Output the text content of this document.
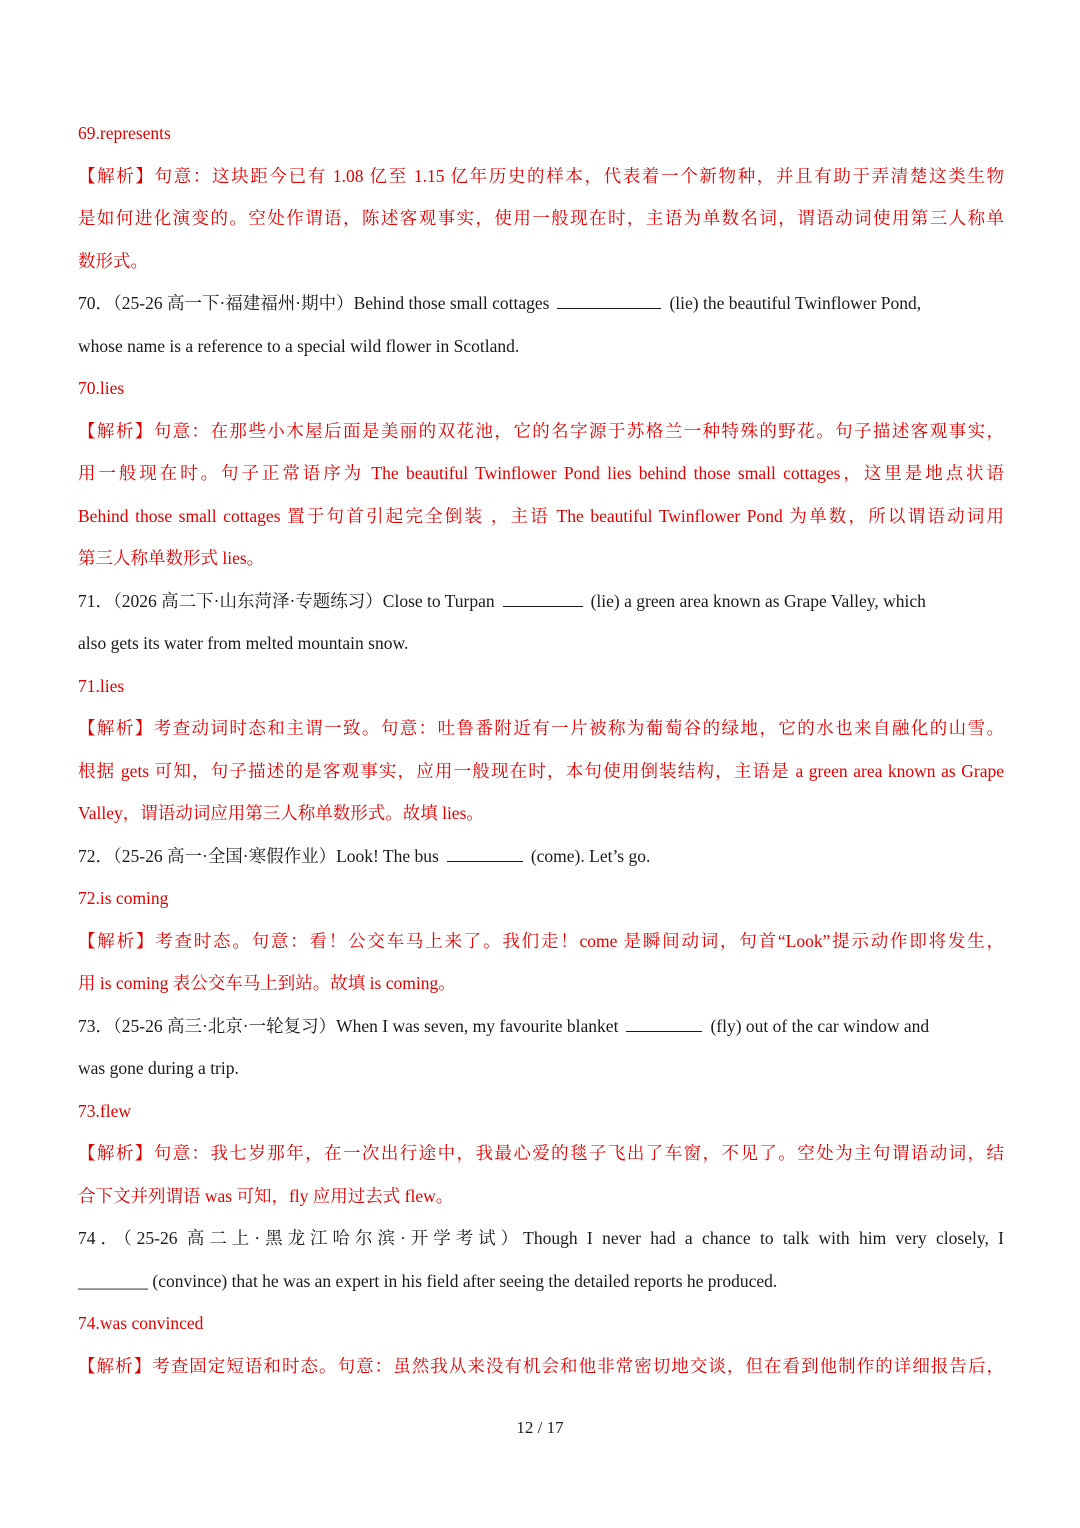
69.represents
【解析】句意：这块距今已有 1.08 亿至 1.15 亿年历史的样本，代表着一个新物种，并且有助于弄清楚这类生物
是如何进化演变的。空处作谓语，陈述客观事实，使用一般现在时，主语为单数名词，谓语动词使用第三人称单
数形式。
70．（25-26 高一下·福建福州·期中）Behind those small cottages	(lie) the beautiful Twinflower Pond,
whose name is a reference to a special wild flower in Scotland.
70.lies
【解析】句意：在那些小木屋后面是美丽的双花池，它的名字源于苏格兰一种特殊的野花。句子描述客观事实，
用一般现在时。句子正常语序为 The beautiful Twinflower Pond lies behind those small cottages，这里是地点状语
Behind those small cottages 置于句首引起完全倒装 ，主语 The beautiful Twinflower Pond 为单数，所以谓语动词用
第三人称单数形式 lies。
71．（2026 高二下·山东菏泽·专题练习）Close to Turpan	(lie) a green area known as Grape Valley, which
also gets its water from melted mountain snow.
71.lies
【解析】考查动词时态和主谓一致。句意：吐鲁番附近有一片被称为葡萄谷的绿地，它的水也来自融化的山雪。
根据 gets 可知，句子描述的是客观事实，应用一般现在时，本句使用倒装结构，主语是 a green area known as Grape
Valley，谓语动词应用第三人称单数形式。故填 lies。
72．（25-26 高一·全国·寒假作业）Look! The bus	(come). Let’s go.
72.is coming
【解析】考查时态。句意：看！公交车马上来了。我们走！come 是瞬间动词，句首“Look”提示动作即将发生，
用 is coming 表公交车马上到站。故填 is coming。
73．（25-26 高三·北京·一轮复习）When I was seven, my favourite blanket	(fly) out of the car window and
was gone during a trip.
73.flew
【解析】句意：我七岁那年，在一次出行途中，我最心爱的毯子飞出了车窗，不见了。空处为主句谓语动词，结
合下文并列谓语 was 可知，fly 应用过去式 flew。
74．（25-26 高二上·黑龙江哈尔滨·开学考试）Though I never had a chance to talk with him very closely, I
________ (convince) that he was an expert in his field after seeing the detailed reports he produced.
74.was convinced
【解析】考查固定短语和时态。句意：虽然我从来没有机会和他非常密切地交谈，但在看到他制作的详细报告后，
12 / 17
